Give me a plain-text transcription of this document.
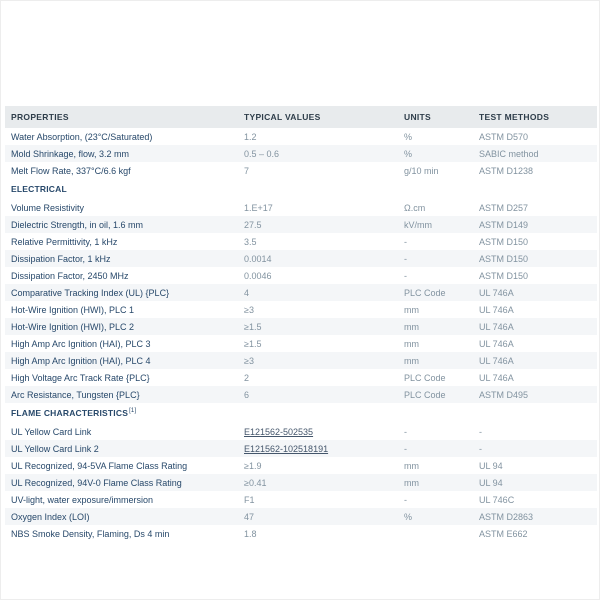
PROPERTIES	TYPICAL VALUES	UNITS	TEST METHODS
Water Absorption, (23°C/Saturated)	1.2	%	ASTM D570
Mold Shrinkage, flow, 3.2 mm	0.5 – 0.6	%	SABIC method
Melt Flow Rate, 337°C/6.6 kgf	7	g/10 min	ASTM D1238
ELECTRICAL			
Volume Resistivity	1.E+17	Ω.cm	ASTM D257
Dielectric Strength, in oil, 1.6 mm	27.5	kV/mm	ASTM D149
Relative Permittivity, 1 kHz	3.5	-	ASTM D150
Dissipation Factor, 1 kHz	0.0014	-	ASTM D150
Dissipation Factor, 2450 MHz	0.0046	-	ASTM D150
Comparative Tracking Index (UL) {PLC}	4	PLC Code	UL 746A
Hot-Wire Ignition (HWI), PLC 1	≥3	mm	UL 746A
Hot-Wire Ignition (HWI), PLC 2	≥1.5	mm	UL 746A
High Amp Arc Ignition (HAI), PLC 3	≥1.5	mm	UL 746A
High Amp Arc Ignition (HAI), PLC 4	≥3	mm	UL 746A
High Voltage Arc Track Rate {PLC}	2	PLC Code	UL 746A
Arc Resistance, Tungsten {PLC}	6	PLC Code	ASTM D495
FLAME CHARACTERISTICS[1]
UL Yellow Card Link	E121562-502535	-	-
UL Yellow Card Link 2	E121562-102518191	-	-
UL Recognized, 94-5VA Flame Class Rating	≥1.9	mm	UL 94
UL Recognized, 94V-0 Flame Class Rating	≥0.41	mm	UL 94
UV-light, water exposure/immersion	F1	-	UL 746C
Oxygen Index (LOI)	47	%	ASTM D2863
NBS Smoke Density, Flaming, Ds 4 min	1.8		ASTM E662
